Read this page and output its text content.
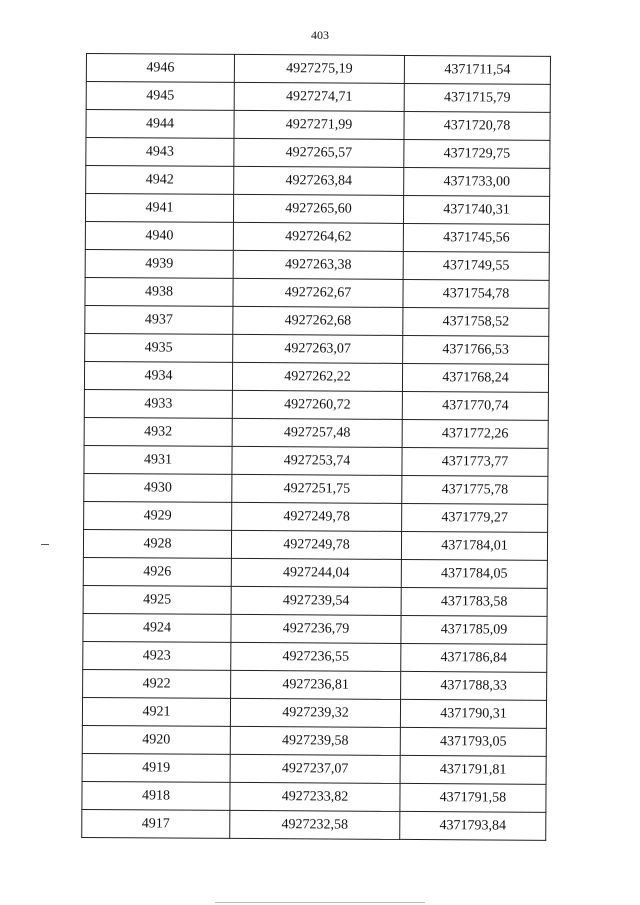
403
4946	4927275,19	4371711,54
4945	4927274,71	4371715,79
4944	4927271,99	4371720,78
4943	4927265,57	4371729,75
4942	4927263,84	4371733,00
4941	4927265,60	4371740,31
4940	4927264,62	4371745,56
4939	4927263,38	4371749,55
4938	4927262,67	4371754,78
4937	4927262,68	4371758,52
4935	4927263,07	4371766,53
4934	4927262,22	4371768,24
4933	4927260,72	4371770,74
4932	4927257,48	4371772,26
4931	4927253,74	4371773,77
4930	4927251,75	4371775,78
4929	4927249,78	4371779,27
4928	4927249,78	4371784,01
4926	4927244,04	4371784,05
4925	4927239,54	4371783,58
4924	4927236,79	4371785,09
4923	4927236,55	4371786,84
4922	4927236,81	4371788,33
4921	4927239,32	4371790,31
4920	4927239,58	4371793,05
4919	4927237,07	4371791,81
4918	4927233,82	4371791,58
4917	4927232,58	4371793,84
